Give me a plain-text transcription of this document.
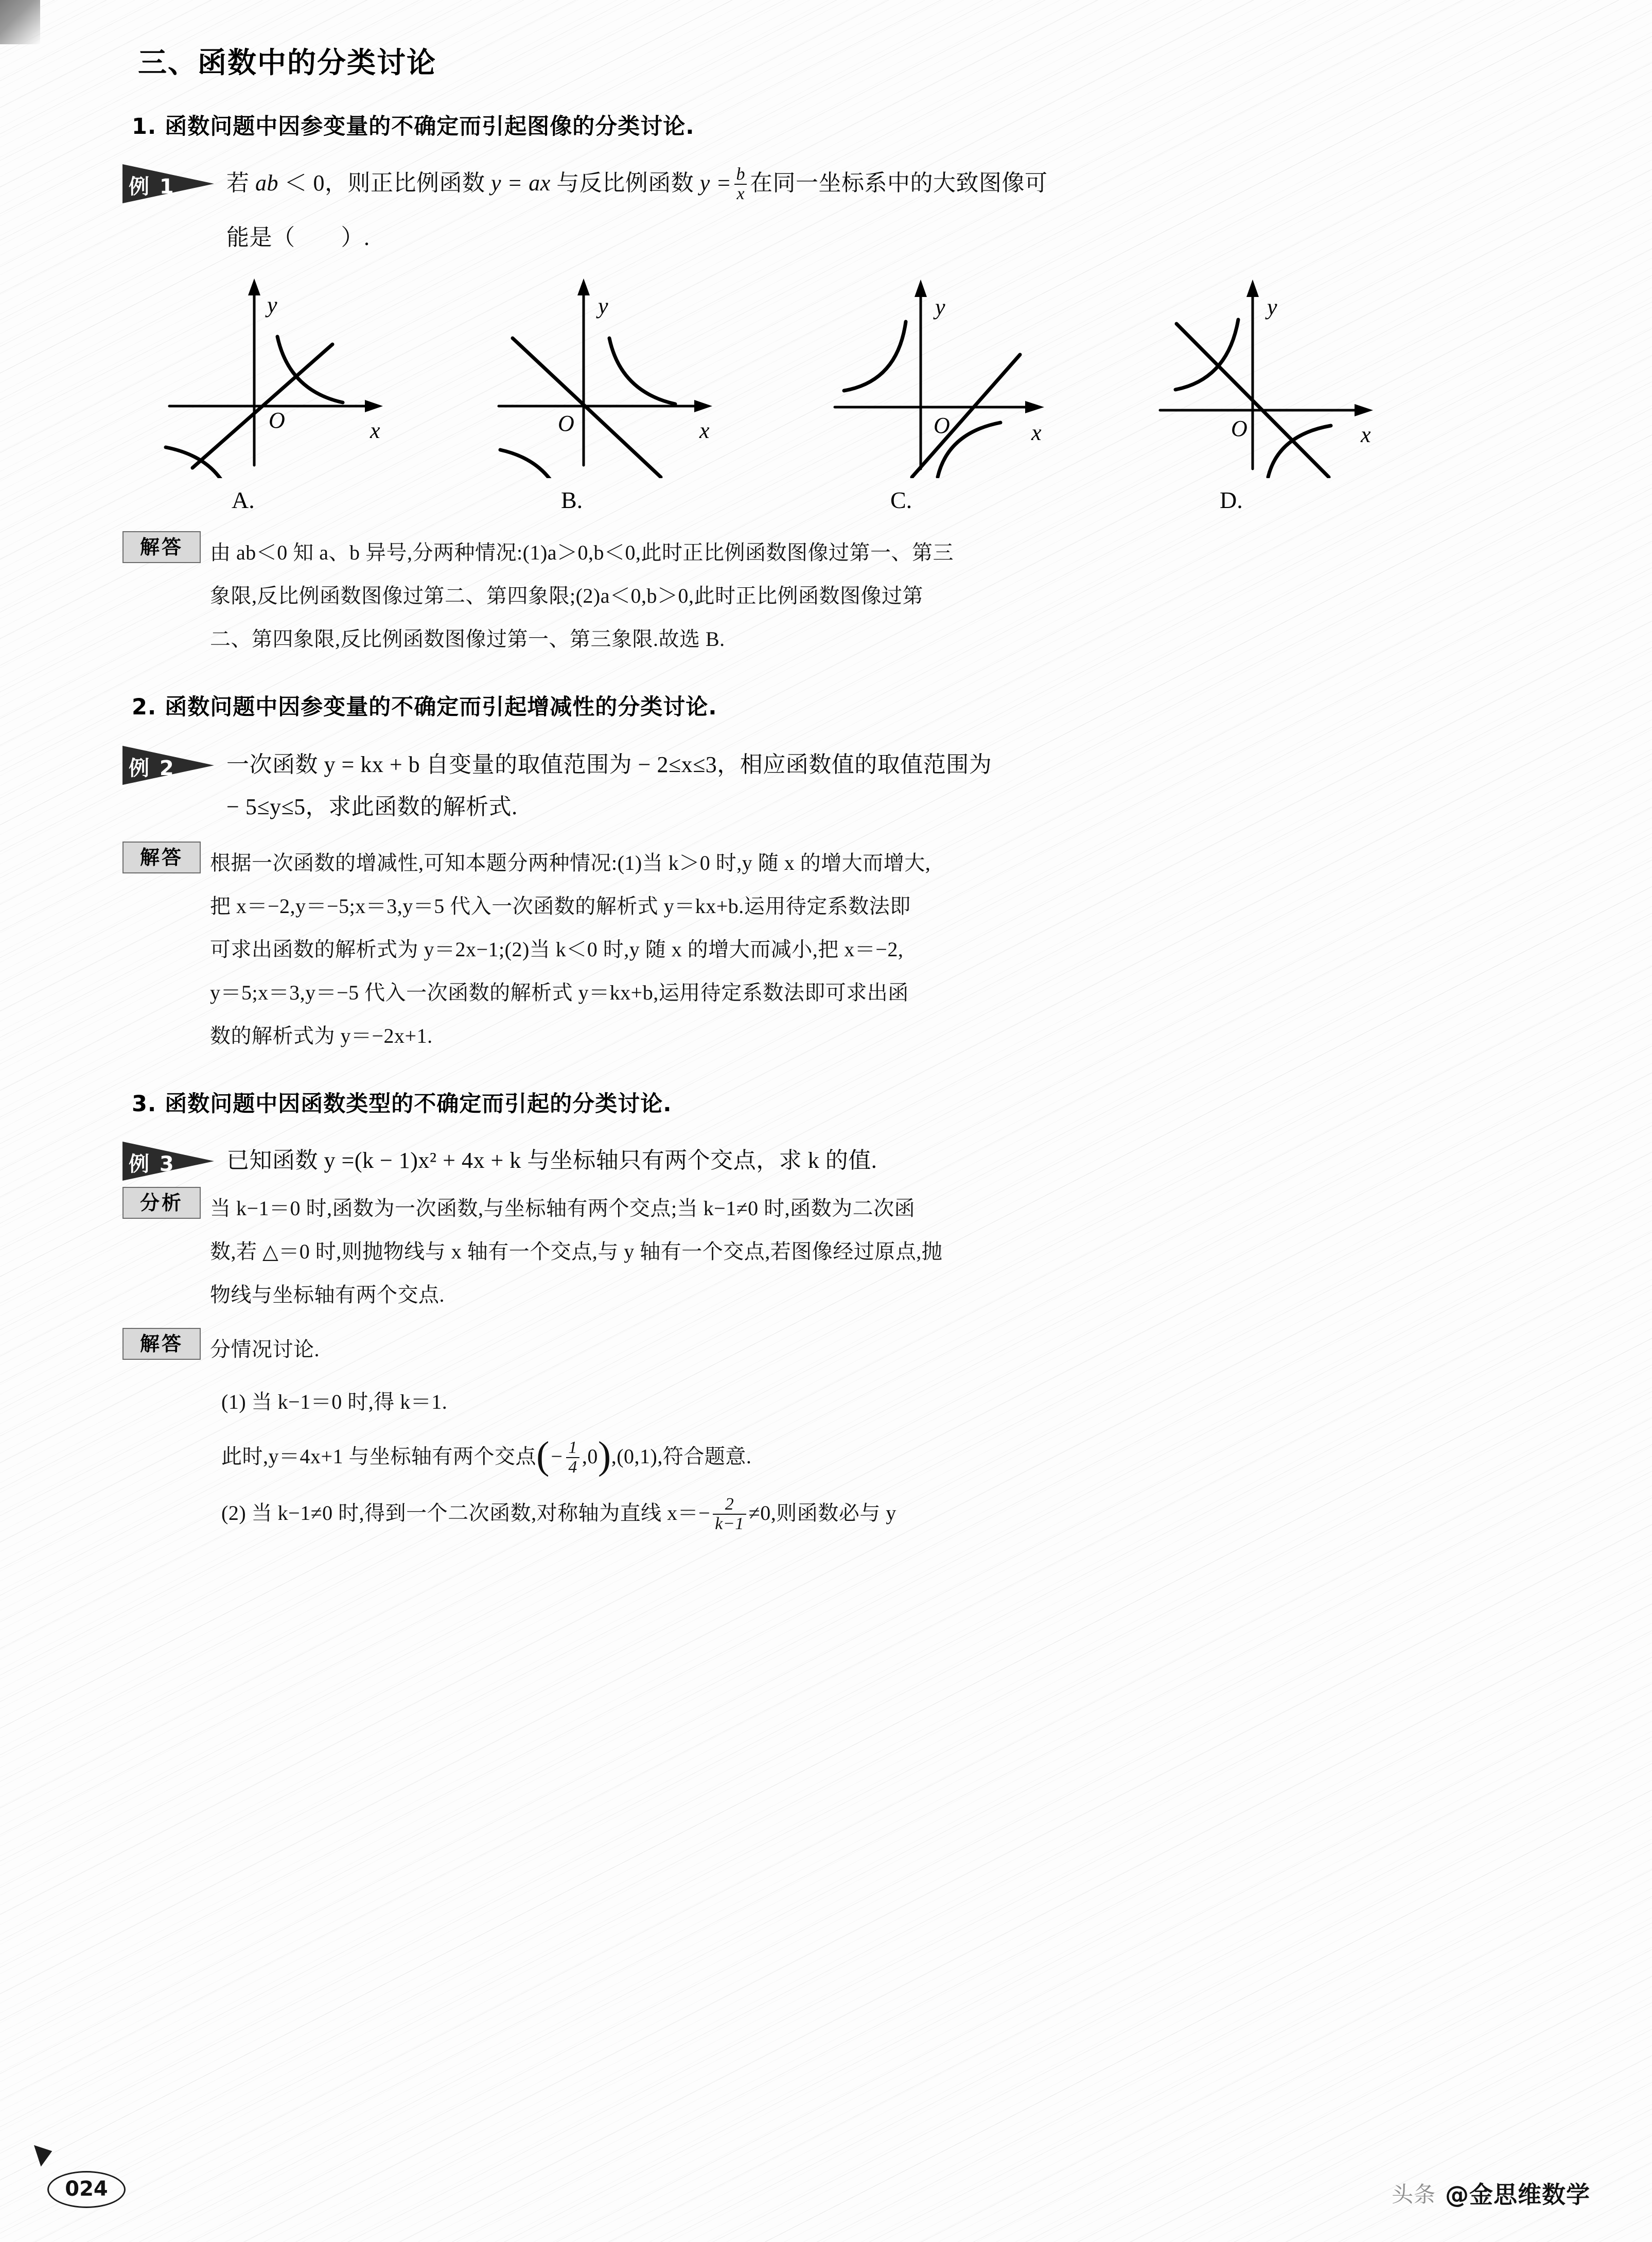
三、函数中的分类讨论
1. 函数问题中因参变量的不确定而引起图像的分类讨论.
例 1 若 ab ＜ 0，则正比例函数 y = ax 与反比例函数 $y = \frac{b}{x}$ 在同一坐标系中的大致图像可
能是（　　）.
O
y
x
A.
O
y
x
B.
O
y
x
C.
O
y
x
D.
解答	由 ab＜0 知 a、b 异号,分两种情况:(1)a＞0,b＜0,此时正比例函数图像过第一、第三
象限,反比例函数图像过第二、第四象限;(2)a＜0,b＞0,此时正比例函数图像过第
二、第四象限,反比例函数图像过第一、第三象限.故选 B.
2. 函数问题中因参变量的不确定而引起增减性的分类讨论.
例 2 一次函数 y = kx + b 自变量的取值范围为 − 2≤x≤3，相应函数值的取值范围为
− 5≤y≤5，求此函数的解析式.
解答	根据一次函数的增减性,可知本题分两种情况:(1)当 k＞0 时,y 随 x 的增大而增大,
把 x＝−2,y＝−5;x＝3,y＝5 代入一次函数的解析式 y＝kx+b.运用待定系数法即
可求出函数的解析式为 y＝2x−1;(2)当 k＜0 时,y 随 x 的增大而减小,把 x＝−2,
y＝5;x＝3,y＝−5 代入一次函数的解析式 y＝kx+b,运用待定系数法即可求出函
数的解析式为 y＝−2x+1.
3. 函数问题中因函数类型的不确定而引起的分类讨论.
例 3 已知函数 y =(k − 1)x² + 4x + k 与坐标轴只有两个交点，求 k 的值.
分析	当 k−1＝0 时,函数为一次函数,与坐标轴有两个交点;当 k−1≠0 时,函数为二次函
数,若 △＝0 时,则抛物线与 x 轴有一个交点,与 y 轴有一个交点,若图像经过原点,抛
物线与坐标轴有两个交点.
解答	分情况讨论.
(1) 当 k−1＝0 时,得 k＝1.
此时,y＝4x+1 与坐标轴有两个交点(− $\frac{1}{4} ,0),(0,1)$,符合题意.
(2) 当 k−1≠0 时,得到一个二次函数,对称轴为直线 $x=- \frac{2}{k-1} \ne 0$,则函数必与 y
024	头条 @金思维数学
